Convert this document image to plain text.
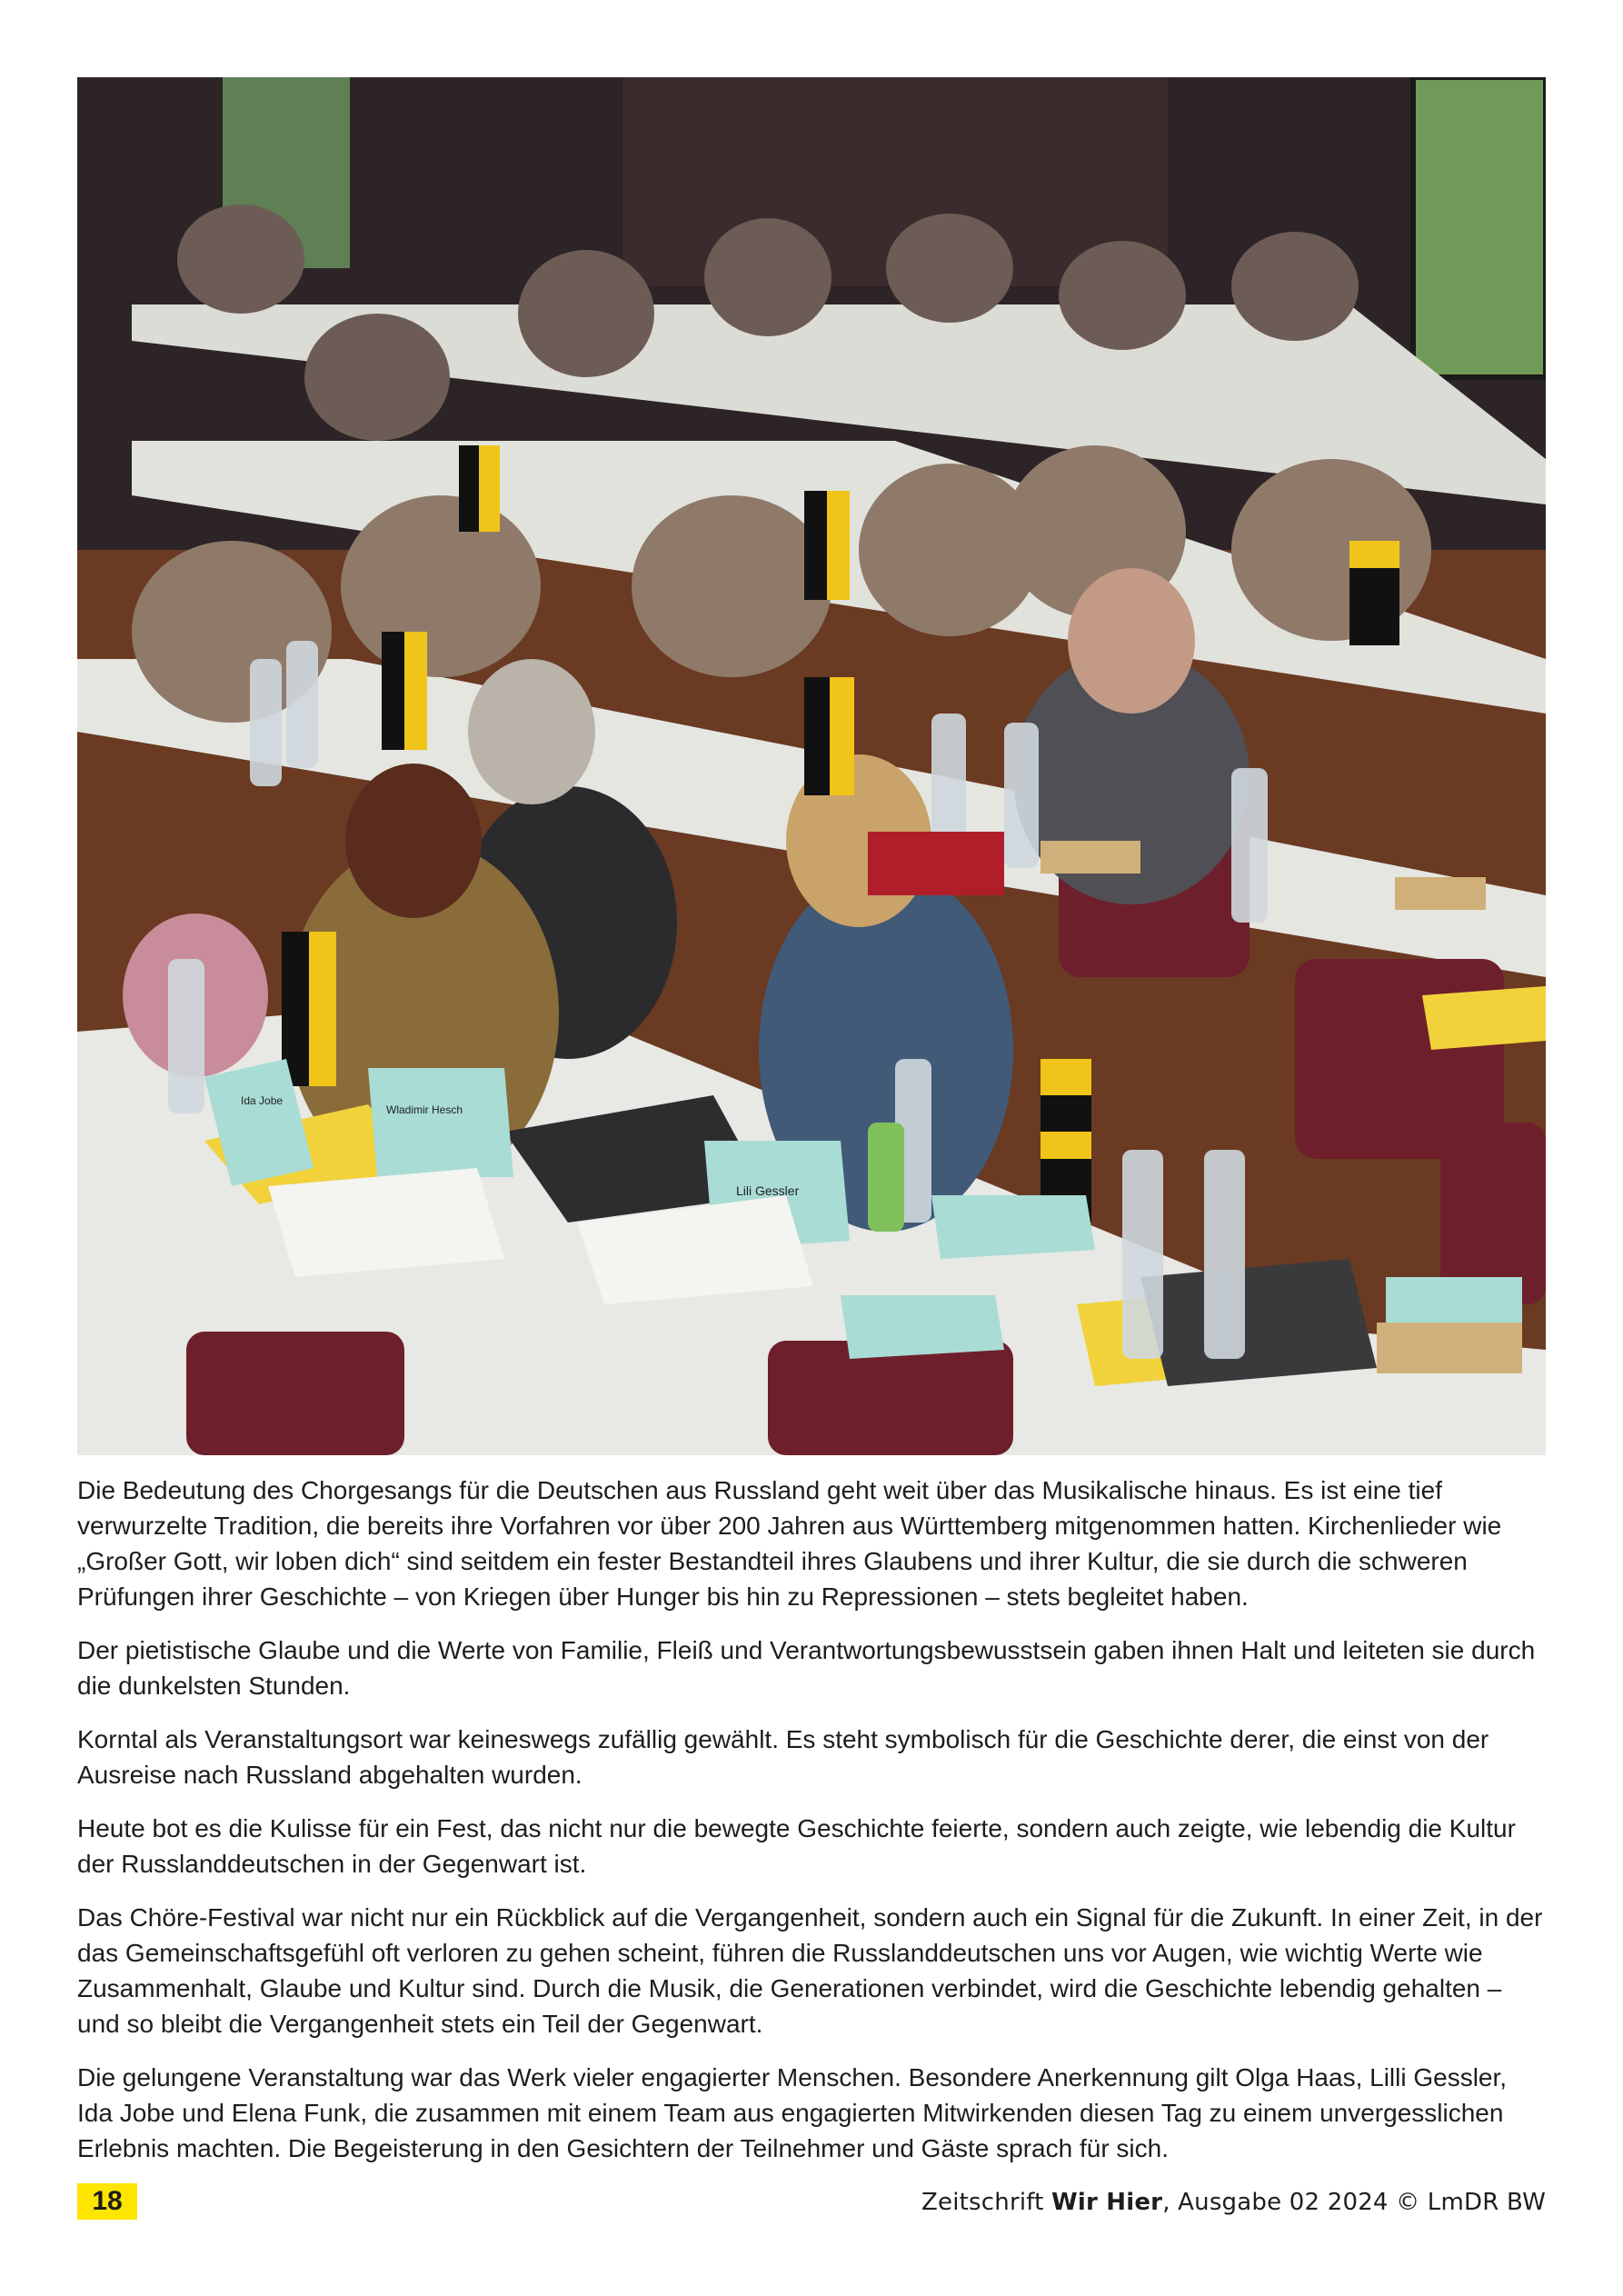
Ida Jobe
Wladimir Hesch
Lili Gessler

Die Bedeutung des Chorgesangs für die Deutschen aus Russland geht weit über das Musikalische hinaus. Es ist eine tief verwurzelte Tradition, die bereits ihre Vorfahren vor über 200 Jahren aus Württemberg mitgenommen hatten. Kirchenlieder wie „Großer Gott, wir loben dich“ sind seitdem ein fester Bestandteil ihres Glaubens und ihrer Kultur, die sie durch die schweren Prüfungen ihrer Geschichte – von Kriegen über Hunger bis hin zu Repressionen – stets begleitet haben.

Der pietistische Glaube und die Werte von Familie, Fleiß und Verantwortungsbewusstsein gaben ihnen Halt und leiteten sie durch die dunkelsten Stunden.

Korntal als Veranstaltungsort war keineswegs zufällig gewählt. Es steht symbolisch für die Geschichte derer, die einst von der Ausreise nach Russland abgehalten wurden.

Heute bot es die Kulisse für ein Fest, das nicht nur die bewegte Geschichte feierte, sondern auch zeigte, wie lebendig die Kultur der Russlanddeutschen in der Gegenwart ist.

Das Chöre-Festival war nicht nur ein Rückblick auf die Vergangenheit, sondern auch ein Signal für die Zukunft. In einer Zeit, in der das Gemeinschaftsgefühl oft verloren zu gehen scheint, führen die Russlanddeutschen uns vor Augen, wie wichtig Werte wie Zusammenhalt, Glaube und Kultur sind. Durch die Musik, die Generationen verbindet, wird die Geschichte lebendig gehalten – und so bleibt die Vergangenheit stets ein Teil der Gegenwart.

Die gelungene Veranstaltung war das Werk vieler engagierter Menschen. Besondere Anerkennung gilt Olga Haas, Lilli Gessler, Ida Jobe und Elena Funk, die zusammen mit einem Team aus engagierten Mitwirkenden diesen Tag zu einem unvergesslichen Erlebnis machten. Die Begeisterung in den Gesichtern der Teilnehmer und Gäste sprach für sich.

18	Zeitschrift Wir Hier, Ausgabe 02 2024 © LmDR BW
